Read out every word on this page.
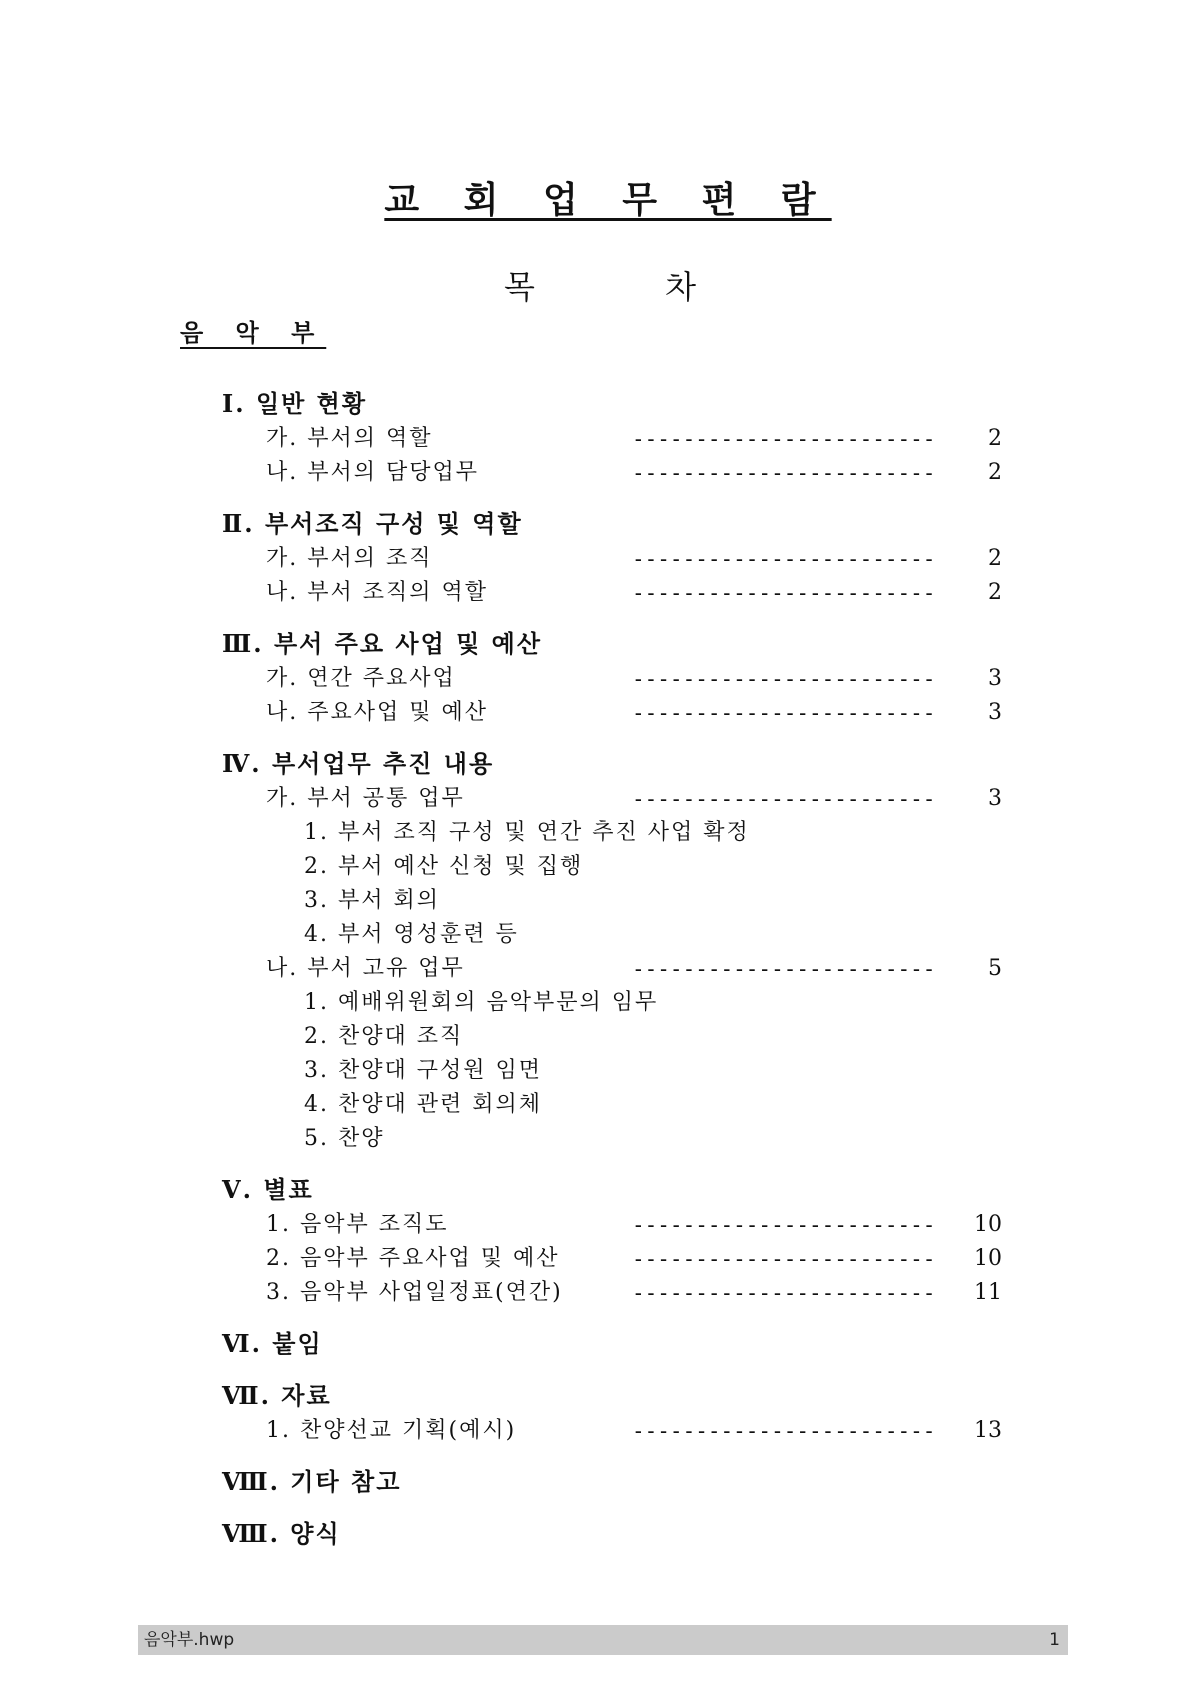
교 회 업 무 편 람
목 차
음 악 부
Ⅰ. 일반 현황
가. 부서의 역할	------------------------	2
나. 부서의 담당업무	------------------------	2
Ⅱ. 부서조직 구성 및 역할
가. 부서의 조직	------------------------	2
나. 부서 조직의 역할	------------------------	2
Ⅲ. 부서 주요 사업 및 예산
가. 연간 주요사업	------------------------	3
나. 주요사업 및 예산	------------------------	3
Ⅳ. 부서업무 추진 내용
가. 부서 공통 업무	------------------------	3
1. 부서 조직 구성 및 연간 추진 사업 확정
2. 부서 예산 신청 및 집행
3. 부서 회의
4. 부서 영성훈련 등
나. 부서 고유 업무	------------------------	5
1. 예배위원회의 음악부문의 임무
2. 찬양대 조직
3. 찬양대 구성원 임면
4. 찬양대 관련 회의체
5. 찬양
Ⅴ. 별표
1. 음악부 조직도	------------------------	10
2. 음악부 주요사업 및 예산	------------------------	10
3. 음악부 사업일정표(연간)	------------------------	11
Ⅵ. 붙임
Ⅶ. 자료
1. 찬양선교 기획(예시)	------------------------	13
Ⅷ. 기타 참고
Ⅷ. 양식
음악부.hwp	1
